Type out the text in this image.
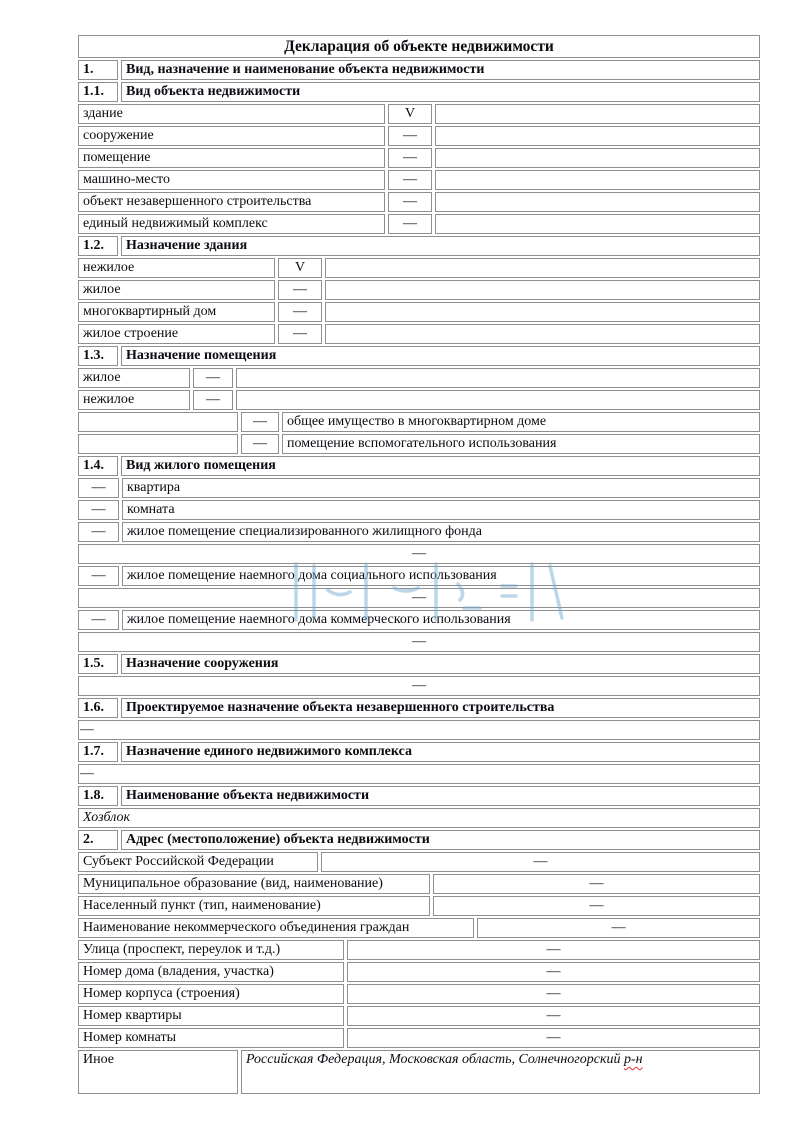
Декларация об объекте недвижимости
1.	Вид, назначение и наименование объекта недвижимости
1.1.	Вид объекта недвижимости
здание	V
сооружение	—
помещение	—
машино-место	—
объект незавершенного строительства	—
единый недвижимый комплекс	—
1.2.	Назначение здания
нежилое	V
жилое	—
многоквартирный дом	—
жилое строение	—
1.3.	Назначение помещения
жилое	—
нежилое	—
—	общее имущество в многоквартирном доме
—	помещение вспомогательного использования
1.4.	Вид жилого помещения
—	квартира
—	комната
—	жилое помещение специализированного жилищного фонда
—
—	жилое помещение наемного дома социального использования
—
—	жилое помещение наемного дома коммерческого использования
—
1.5.	Назначение сооружения
—
1.6.	Проектируемое назначение объекта незавершенного строительства
—
1.7.	Назначение единого недвижимого комплекса
—
1.8.	Наименование объекта недвижимости
Хозблок
2.	Адрес (местоположение) объекта недвижимости
Субъект Российской Федерации	—
Муниципальное образование (вид, наименование)	—
Населенный пункт (тип, наименование)	—
Наименование некоммерческого объединения граждан	—
Улица (проспект, переулок и т.д.)	—
Номер дома (владения, участка)	—
Номер корпуса (строения)	—
Номер квартиры	—
Номер комнаты	—
Иное	Российская Федерация, Московская область, Солнечногорский р-н
